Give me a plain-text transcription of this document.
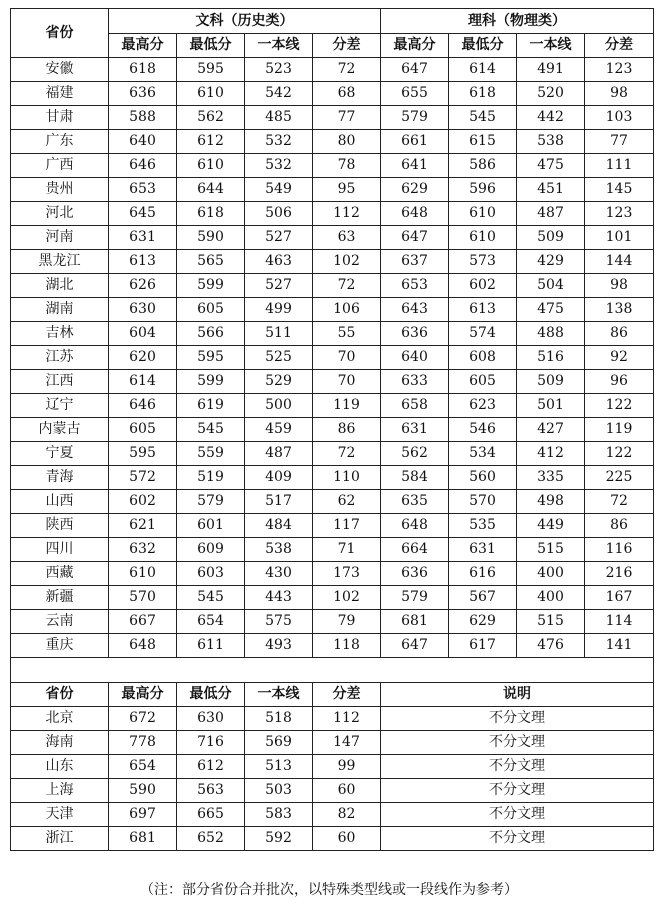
省份	文科（历史类）				理科（物理类）			
	最高分	最低分	一本线	分差	最高分	最低分	一本线	分差
安徽	618	595	523	72	647	614	491	123
福建	636	610	542	68	655	618	520	98
甘肃	588	562	485	77	579	545	442	103
广东	640	612	532	80	661	615	538	77
广西	646	610	532	78	641	586	475	111
贵州	653	644	549	95	629	596	451	145
河北	645	618	506	112	648	610	487	123
河南	631	590	527	63	647	610	509	101
黑龙江	613	565	463	102	637	573	429	144
湖北	626	599	527	72	653	602	504	98
湖南	630	605	499	106	643	613	475	138
吉林	604	566	511	55	636	574	488	86
江苏	620	595	525	70	640	608	516	92
江西	614	599	529	70	633	605	509	96
辽宁	646	619	500	119	658	623	501	122
内蒙古	605	545	459	86	631	546	427	119
宁夏	595	559	487	72	562	534	412	122
青海	572	519	409	110	584	560	335	225
山西	602	579	517	62	635	570	498	72
陕西	621	601	484	117	648	535	449	86
四川	632	609	538	71	664	631	515	116
西藏	610	603	430	173	636	616	400	216
新疆	570	545	443	102	579	567	400	167
云南	667	654	575	79	681	629	515	114
重庆	648	611	493	118	647	617	476	141

省份	最高分	最低分	一本线	分差	说明			
北京	672	630	518	112	不分文理			
海南	778	716	569	147	不分文理			
山东	654	612	513	99	不分文理			
上海	590	563	503	60	不分文理			
天津	697	665	583	82	不分文理			
浙江	681	652	592	60	不分文理			
（注：部分省份合并批次，以特殊类型线或一段线作为参考）
